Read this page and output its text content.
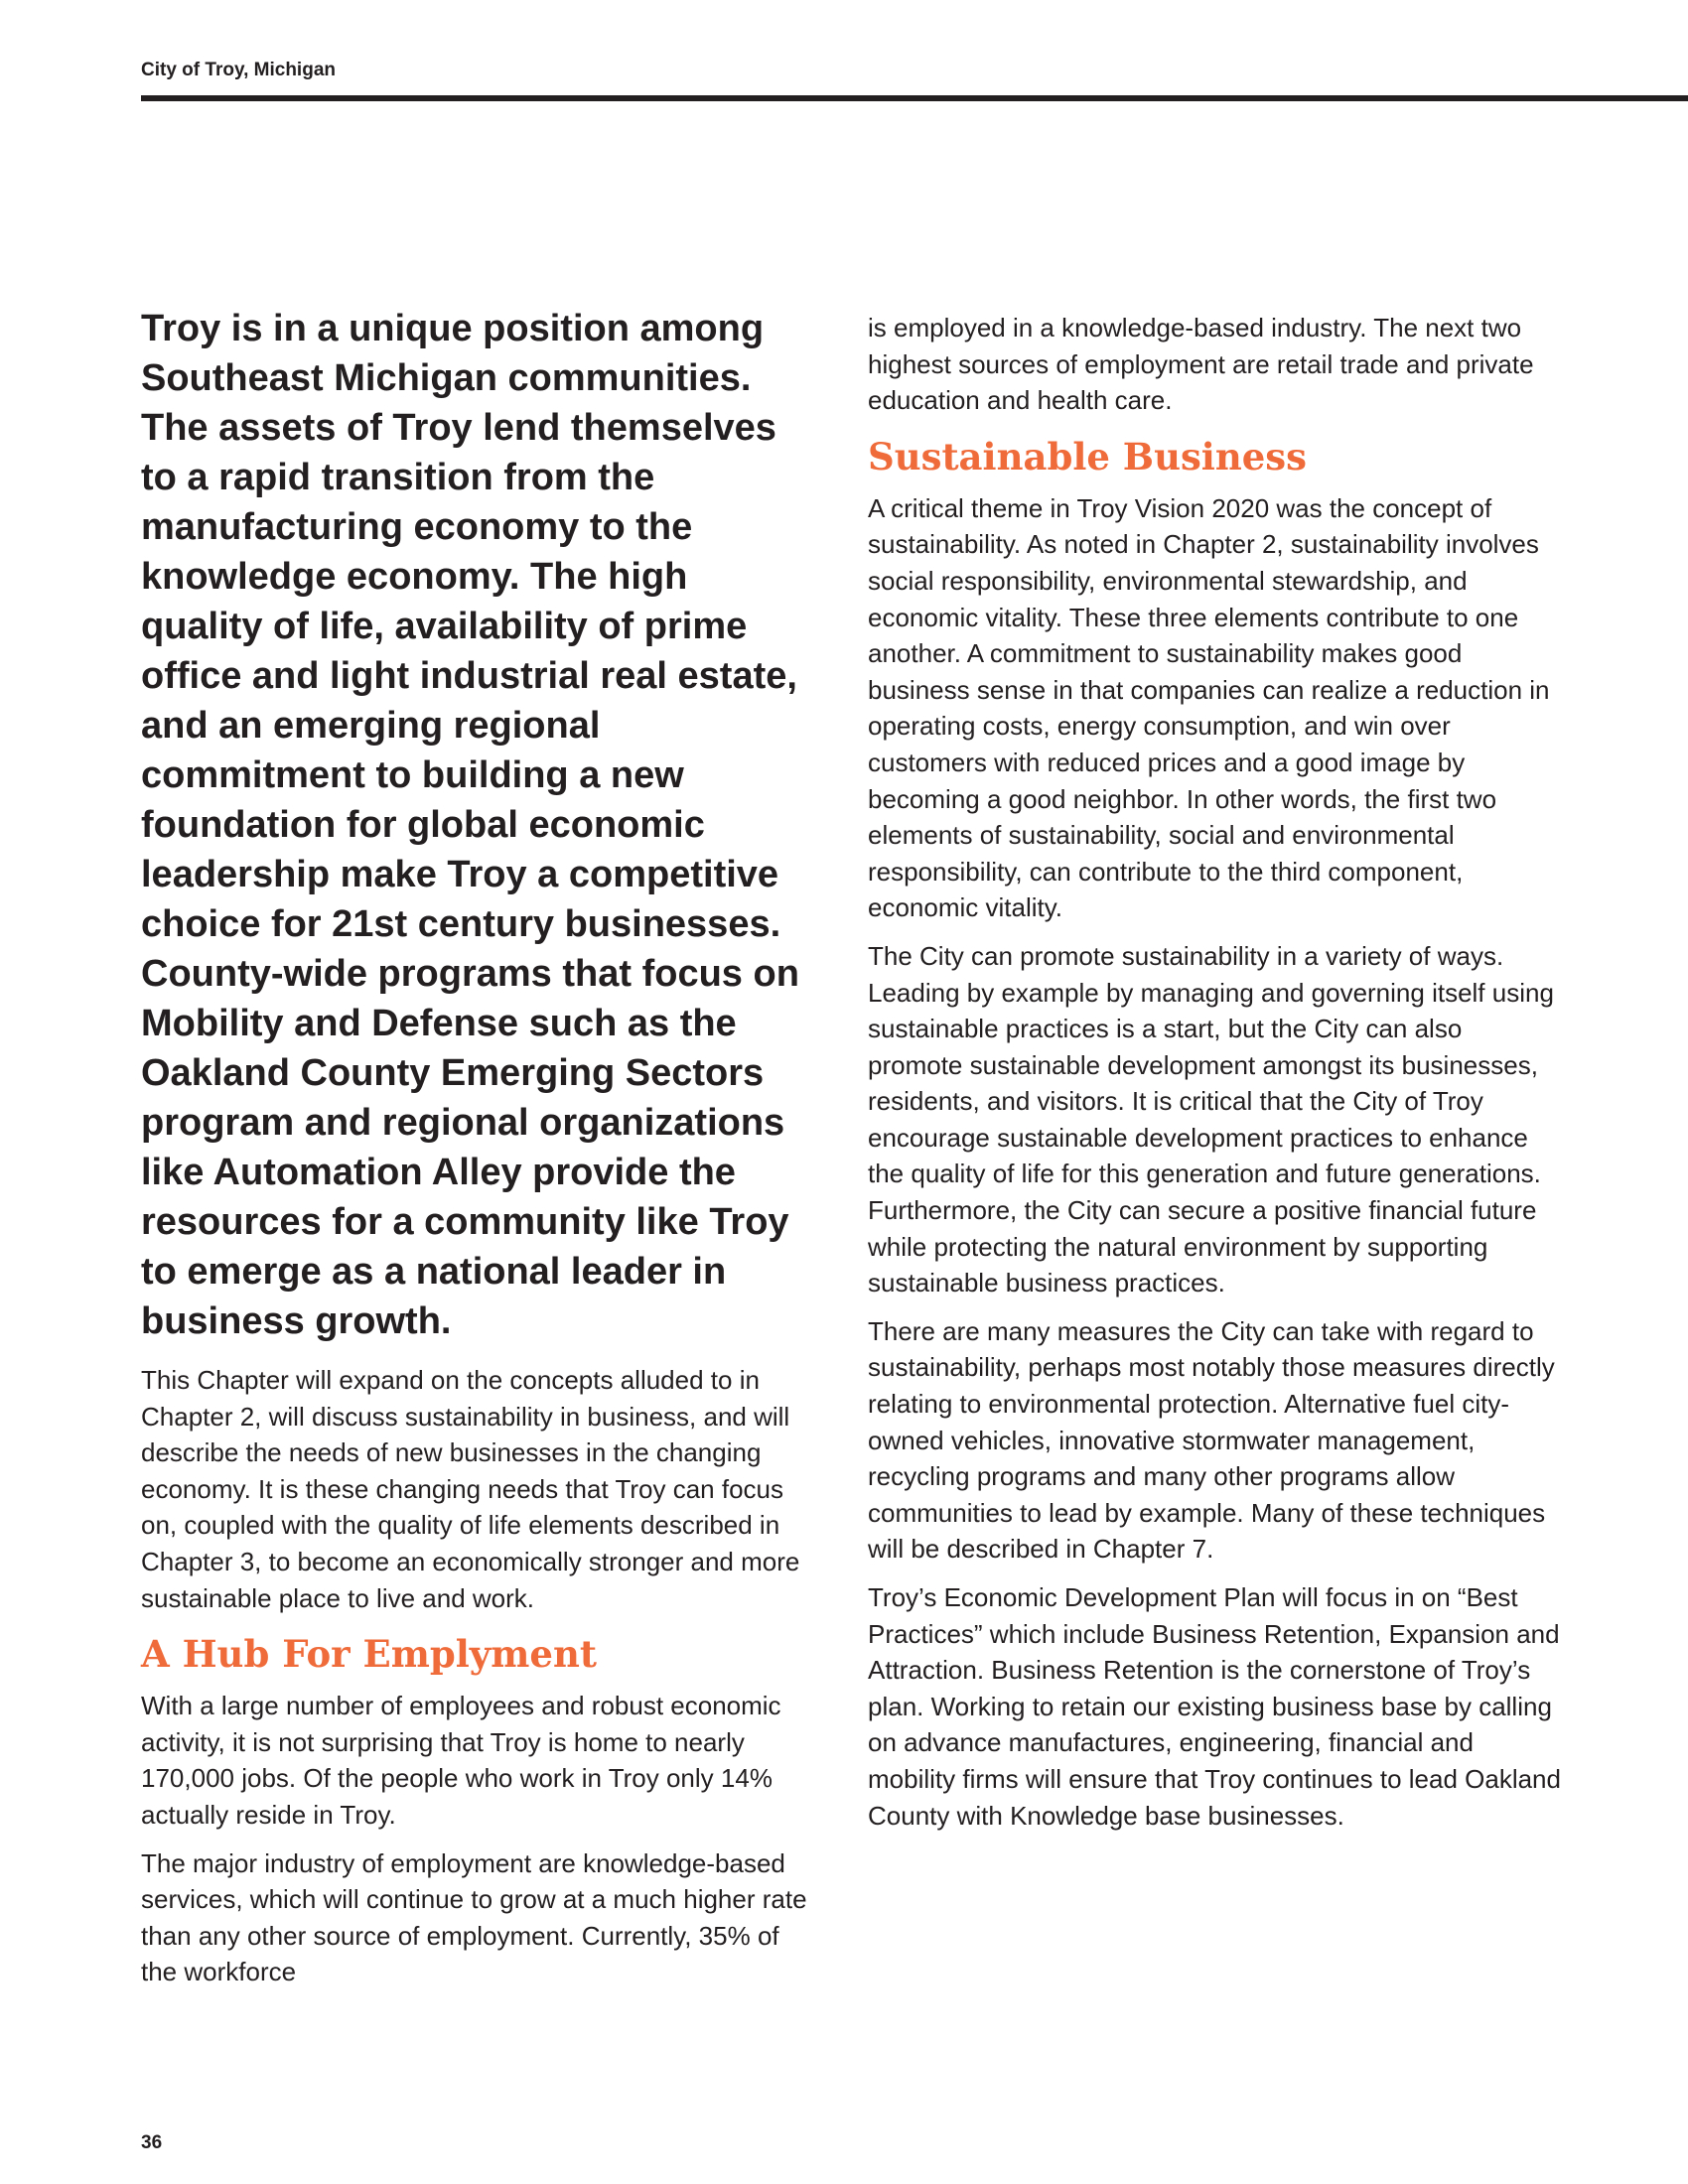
City of Troy, Michigan

Troy is in a unique position among Southeast Michigan communities. The assets of Troy lend themselves to a rapid transition from the manufacturing economy to the knowledge economy. The high quality of life, availability of prime office and light industrial real estate, and an emerging regional commitment to building a new foundation for global economic leadership make Troy a competitive choice for 21st century businesses. County-wide programs that focus on Mobility and Defense such as the Oakland County Emerging Sectors program and regional organizations like Automation Alley provide the resources for a community like Troy to emerge as a national leader in business growth.

This Chapter will expand on the concepts alluded to in Chapter 2, will discuss sustainability in business, and will describe the needs of new businesses in the changing economy. It is these changing needs that Troy can focus on, coupled with the quality of life elements described in Chapter 3, to become an economically stronger and more sustainable place to live and work.

A Hub For Emplyment

With a large number of employees and robust economic activity, it is not surprising that Troy is home to nearly 170,000 jobs. Of the people who work in Troy only 14% actually reside in Troy.

The major industry of employment are knowledge-based services, which will continue to grow at a much higher rate than any other source of employment. Currently, 35% of the workforce

is employed in a knowledge-based industry. The next two highest sources of employment are retail trade and private education and health care.

Sustainable Business

A critical theme in Troy Vision 2020 was the concept of sustainability. As noted in Chapter 2, sustainability involves social responsibility, environmental stewardship, and economic vitality. These three elements contribute to one another. A commitment to sustainability makes good business sense in that companies can realize a reduction in operating costs, energy consumption, and win over customers with reduced prices and a good image by becoming a good neighbor. In other words, the first two elements of sustainability, social and environmental responsibility, can contribute to the third component, economic vitality.

The City can promote sustainability in a variety of ways. Leading by example by managing and governing itself using sustainable practices is a start, but the City can also promote sustainable development amongst its businesses, residents, and visitors. It is critical that the City of Troy encourage sustainable development practices to enhance the quality of life for this generation and future generations. Furthermore, the City can secure a positive financial future while protecting the natural environment by supporting sustainable business practices.

There are many measures the City can take with regard to sustainability, perhaps most notably those measures directly relating to environmental protection. Alternative fuel city-owned vehicles, innovative stormwater management, recycling programs and many other programs allow communities to lead by example. Many of these techniques will be described in Chapter 7.

Troy’s Economic Development Plan will focus in on “Best Practices” which include Business Retention, Expansion and Attraction. Business Retention is the cornerstone of Troy’s plan. Working to retain our existing business base by calling on advance manufactures, engineering, financial and mobility firms will ensure that Troy continues to lead Oakland County with Knowledge base businesses.

36
